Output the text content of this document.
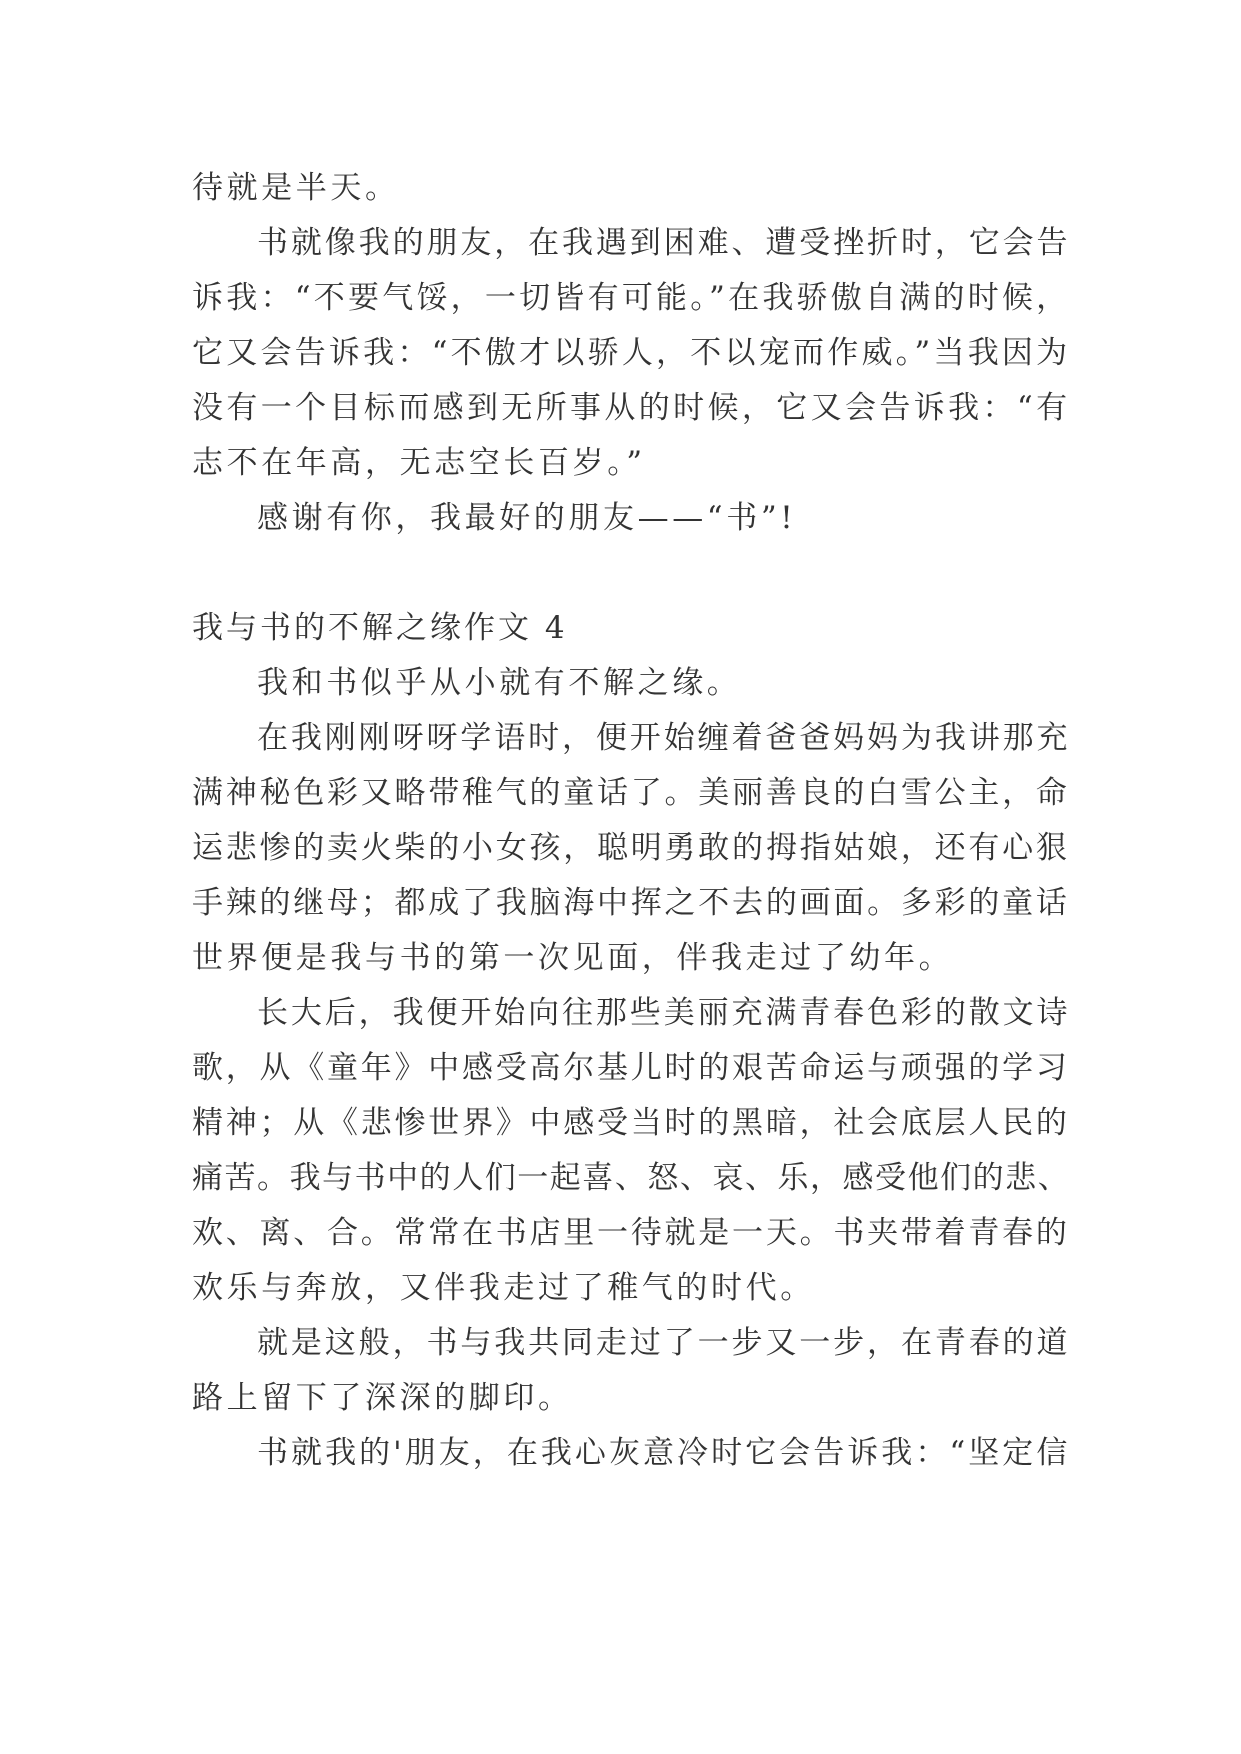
待就是半天。
书就像我的朋友，在我遇到困难、遭受挫折时，它会告
诉我：“不要气馁，一切皆有可能。”在我骄傲自满的时候，
它又会告诉我：“不傲才以骄人，不以宠而作威。”当我因为
没有一个目标而感到无所事从的时候，它又会告诉我：“有
志不在年高，无志空长百岁。”
感谢有你，我最好的朋友——“书”!
我与书的不解之缘作文 4
我和书似乎从小就有不解之缘。
在我刚刚呀呀学语时，便开始缠着爸爸妈妈为我讲那充
满神秘色彩又略带稚气的童话了。美丽善良的白雪公主，命
运悲惨的卖火柴的小女孩，聪明勇敢的拇指姑娘，还有心狠
手辣的继母；都成了我脑海中挥之不去的画面。多彩的童话
世界便是我与书的第一次见面，伴我走过了幼年。
长大后，我便开始向往那些美丽充满青春色彩的散文诗
歌，从《童年》中感受高尔基儿时的艰苦命运与顽强的学习
精神；从《悲惨世界》中感受当时的黑暗，社会底层人民的
痛苦。我与书中的人们一起喜、怒、哀、乐，感受他们的悲、
欢、离、合。常常在书店里一待就是一天。书夹带着青春的
欢乐与奔放，又伴我走过了稚气的时代。
就是这般，书与我共同走过了一步又一步，在青春的道
路上留下了深深的脚印。
书就我的'朋友，在我心灰意冷时它会告诉我：“坚定信
